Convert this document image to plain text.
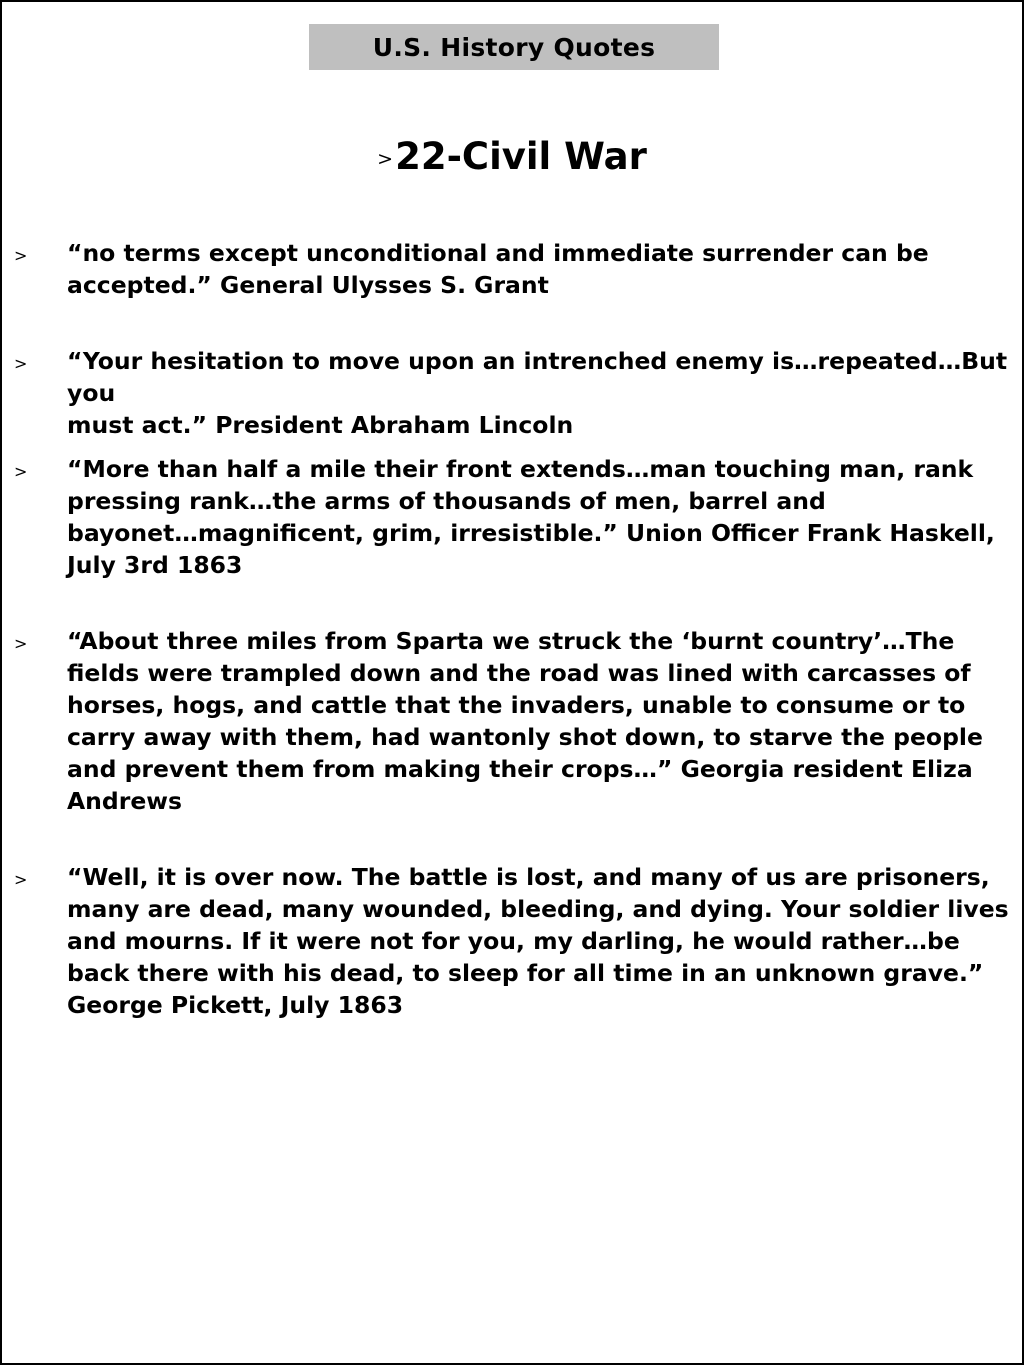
U.S. History Quotes
>22-Civil War
> “no terms except unconditional and immediate surrender can be
accepted.” General Ulysses S. Grant
> “Your hesitation to move upon an intrenched enemy is…repeated…But you
must act.” President Abraham Lincoln
> “More than half a mile their front extends…man touching man, rank
pressing rank…the arms of thousands of men, barrel and
bayonet…magnificent, grim, irresistible.” Union Officer Frank Haskell,
July 3rd 1863
> “About three miles from Sparta we struck the ‘burnt country’…The
fields were trampled down and the road was lined with carcasses of
horses, hogs, and cattle that the invaders, unable to consume or to
carry away with them, had wantonly shot down, to starve the people
and prevent them from making their crops…” Georgia resident Eliza
Andrews
> “Well, it is over now. The battle is lost, and many of us are prisoners,
many are dead, many wounded, bleeding, and dying. Your soldier lives
and mourns. If it were not for you, my darling, he would rather…be
back there with his dead, to sleep for all time in an unknown grave.”
George Pickett, July 1863
